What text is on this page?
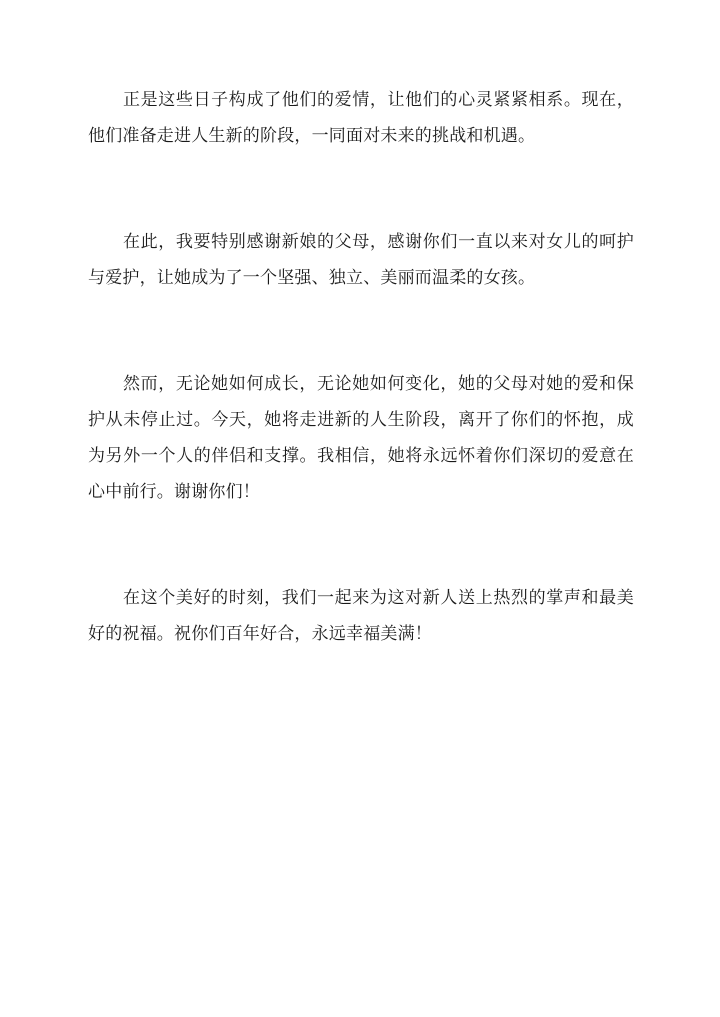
正是这些日子构成了他们的爱情，让他们的心灵紧紧相系。现在，他们准备走进人生新的阶段，一同面对未来的挑战和机遇。

在此，我要特别感谢新娘的父母，感谢你们一直以来对女儿的呵护与爱护，让她成为了一个坚强、独立、美丽而温柔的女孩。

然而，无论她如何成长，无论她如何变化，她的父母对她的爱和保护从未停止过。今天，她将走进新的人生阶段，离开了你们的怀抱，成为另外一个人的伴侣和支撑。我相信，她将永远怀着你们深切的爱意在心中前行。谢谢你们！

在这个美好的时刻，我们一起来为这对新人送上热烈的掌声和最美好的祝福。祝你们百年好合，永远幸福美满！
